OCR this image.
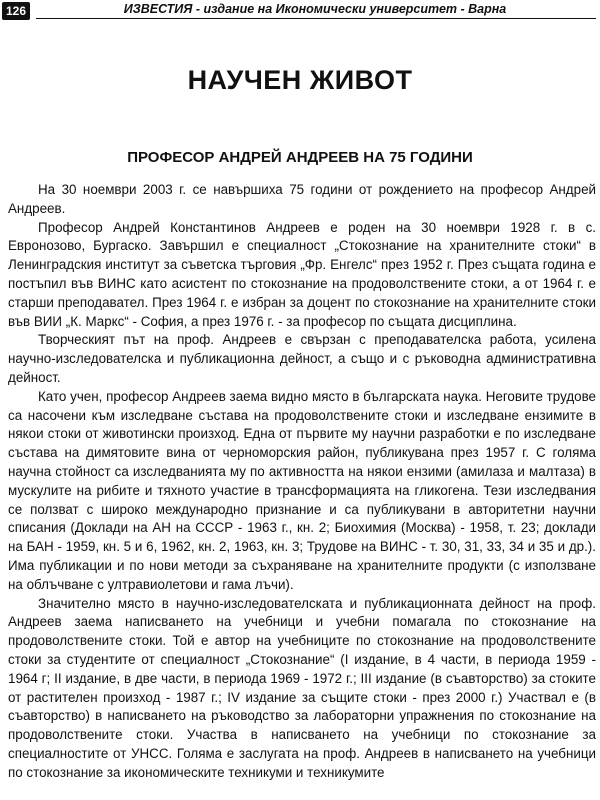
126	ИЗВЕСТИЯ - издание на Икономически университет - Варна
НАУЧЕН ЖИВОТ
ПРОФЕСОР АНДРЕЙ АНДРЕЕВ НА 75 ГОДИНИ

На 30 ноември 2003 г. се навършиха 75 години от рождението на професор Андрей Андреев.

Професор Андрей Константинов Андреев е роден на 30 ноември 1928 г. в с. Евронозово, Бургаско. Завършил е специалност „Стокознание на хранителните стоки“ в Ленинградския институт за съветска търговия „Фр. Енгелс“ през 1952 г. През същата година е постъпил във ВИНС като асистент по стокознание на продоволствените стоки, а от 1964 г. е старши преподавател. През 1964 г. е избран за доцент по стокознание на хранителните стоки във ВИИ „К. Маркс“ - София, а през 1976 г. - за професор по същата дисциплина.

Творческият път на проф. Андреев е свързан с преподавателска работа, усилена научно-изследователска и публикационна дейност, а също и с ръководна административна дейност.

Като учен, професор Андреев заема видно място в българската наука. Неговите трудове са насочени към изследване състава на продоволствените стоки и изследване ензимите в някои стоки от животински произход. Една от първите му научни разработки е по изследване състава на димятовите вина от черноморския район, публикувана през 1957 г. С голяма научна стойност са изследванията му по активността на някои ензими (амилаза и малтаза) в мускулите на рибите и тяхното участие в трансформацията на гликогена. Тези изследвания се ползват с широко международно признание и са публикувани в авторитетни научни списания (Доклади на АН на СССР - 1963 г., кн. 2; Биохимия (Москва) - 1958, т. 23; доклади на БАН - 1959, кн. 5 и 6, 1962, кн. 2, 1963, кн. 3; Трудове на ВИНС - т. 30, 31, 33, 34 и 35 и др.). Има публикации и по нови методи за съхраняване на хранителните продукти (с използване на облъчване с ултравиолетови и гама лъчи).

Значително място в научно-изследователската и публикационната дейност на проф. Андреев заема написването на учебници и учебни помагала по стокознание на продоволствените стоки. Той е автор на учебниците по стокознание на продоволствените стоки за студентите от специалност „Стокознание“ (I издание, в 4 части, в периода 1959 - 1964 г; II издание, в две части, в периода 1969 - 1972 г.; III издание (в съавторство) за стоките от растителен произход - 1987 г.; IV издание за същите стоки - през 2000 г.) Участвал е (в съавторство) в написването на ръководство за лабораторни упражнения по стокознание на продоволствените стоки. Участва в написването на учебници по стокознание за специалностите от УНСС. Голяма е заслугата на проф. Андреев в написването на учебници по стокознание за икономическите техникуми и техникумите
